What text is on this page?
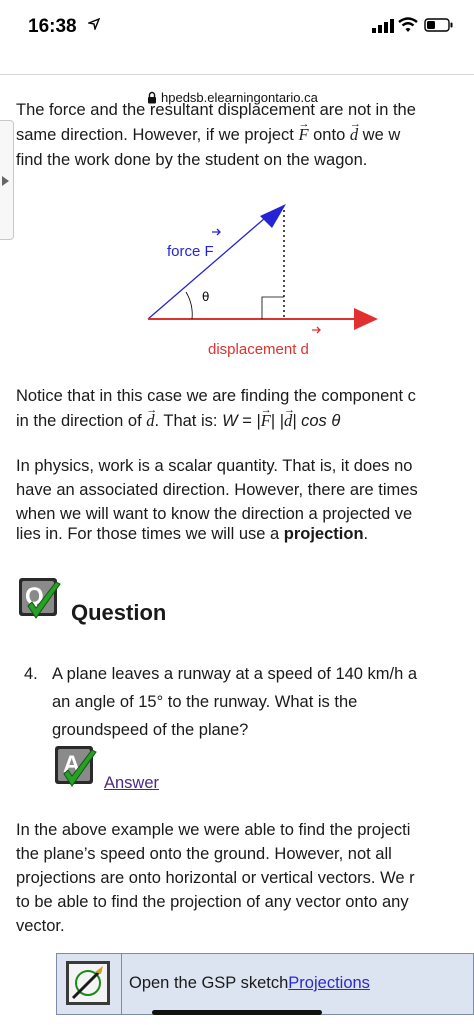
16:38
hpedsb.elearningontario.ca
The force and the resultant displacement are not in the
same direction. However, if we project → F onto → d we w
find the work done by the student on the wagon.
θ
force F
displacement d
Notice that in this case we are finding the component c
in the direction of → d. That is: W = |→ F| |→ d| cos θ
In physics, work is a scalar quantity. That is, it does no
have an associated direction. However, there are times
when we will want to know the direction a projected ve
lies in. For those times we will use a projection.
Q
Question
4. A plane leaves a runway at a speed of 140 km/h a
an angle of 15° to the runway. What is the
groundspeed of the plane?
A
Answer
In the above example we were able to find the projecti
the plane’s speed onto the ground. However, not all
projections are onto horizontal or vertical vectors. We r
to be able to find the projection of any vector onto any
vector.
Open the GSP sketchProjections
